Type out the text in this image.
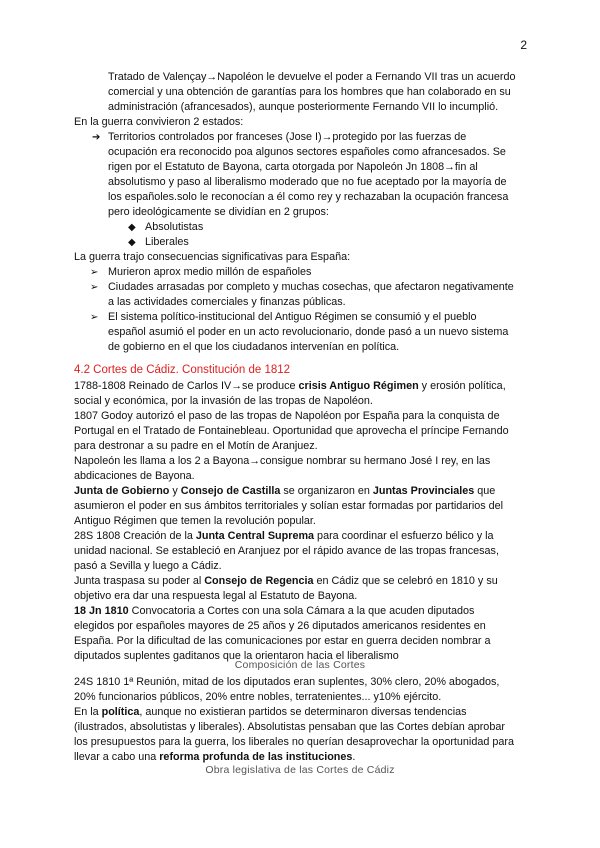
2
Tratado de Valençay→Napoléon le devuelve el poder a Fernando VII tras un acuerdo
comercial y una obtención de garantías para los hombres que han colaborado en su
administración (afrancesados), aunque posteriormente Fernando VII lo incumplió.
En la guerra convivieron 2 estados:
➔ Territorios controlados por franceses (Jose I)→protegido por las fuerzas de
ocupación era reconocido poa algunos sectores españoles como afrancesados. Se
rigen por el Estatuto de Bayona, carta otorgada por Napoleón Jn 1808→fin al
absolutismo y paso al liberalismo moderado que no fue aceptado por la mayoría de
los españoles.solo le reconocían a él como rey y rechazaban la ocupación francesa
pero ideológicamente se dividían en 2 grupos:
◆ Absolutistas
◆ Liberales
La guerra trajo consecuencias significativas para España:
➢ Murieron aprox medio millón de españoles
➢ Ciudades arrasadas por completo y muchas cosechas, que afectaron negativamente
a las actividades comerciales y finanzas públicas.
➢ El sistema político-institucional del Antiguo Régimen se consumió y el pueblo
español asumió el poder en un acto revolucionario, donde pasó a un nuevo sistema
de gobierno en el que los ciudadanos intervenían en política.
4.2 Cortes de Cádiz. Constitución de 1812
1788-1808 Reinado de Carlos IV→se produce crisis Antiguo Régimen y erosión política,
social y económica, por la invasión de las tropas de Napoléon.
1807 Godoy autorizó el paso de las tropas de Napoléon por España para la conquista de
Portugal en el Tratado de Fontainebleau. Oportunidad que aprovecha el príncipe Fernando
para destronar a su padre en el Motín de Aranjuez.
Napoleón les llama a los 2 a Bayona→consigue nombrar su hermano José I rey, en las
abdicaciones de Bayona.
Junta de Gobierno y Consejo de Castilla se organizaron en Juntas Provinciales que
asumieron el poder en sus ámbitos territoriales y solían estar formadas por partidarios del
Antiguo Régimen que temen la revolución popular.
28S 1808 Creación de la Junta Central Suprema para coordinar el esfuerzo bélico y la
unidad nacional. Se estableció en Aranjuez por el rápido avance de las tropas francesas,
pasó a Sevilla y luego a Cádiz.
Junta traspasa su poder al Consejo de Regencia en Cádiz que se celebró en 1810 y su
objetivo era dar una respuesta legal al Estatuto de Bayona.
18 Jn 1810 Convocatoria a Cortes con una sola Cámara a la que acuden diputados
elegidos por españoles mayores de 25 años y 26 diputados americanos residentes en
España. Por la dificultad de las comunicaciones por estar en guerra deciden nombrar a
diputados suplentes gaditanos que la orientaron hacia el liberalismo
Composición de las Cortes
24S 1810 1ª Reunión, mitad de los diputados eran suplentes, 30% clero, 20% abogados,
20% funcionarios públicos, 20% entre nobles, terratenientes... y10% ejército.
En la política, aunque no existieran partidos se determinaron diversas tendencias
(ilustrados, absolutistas y liberales). Absolutistas pensaban que las Cortes debían aprobar
los presupuestos para la guerra, los liberales no querían desaprovechar la oportunidad para
llevar a cabo una reforma profunda de las instituciones.
Obra legislativa de las Cortes de Cádiz
